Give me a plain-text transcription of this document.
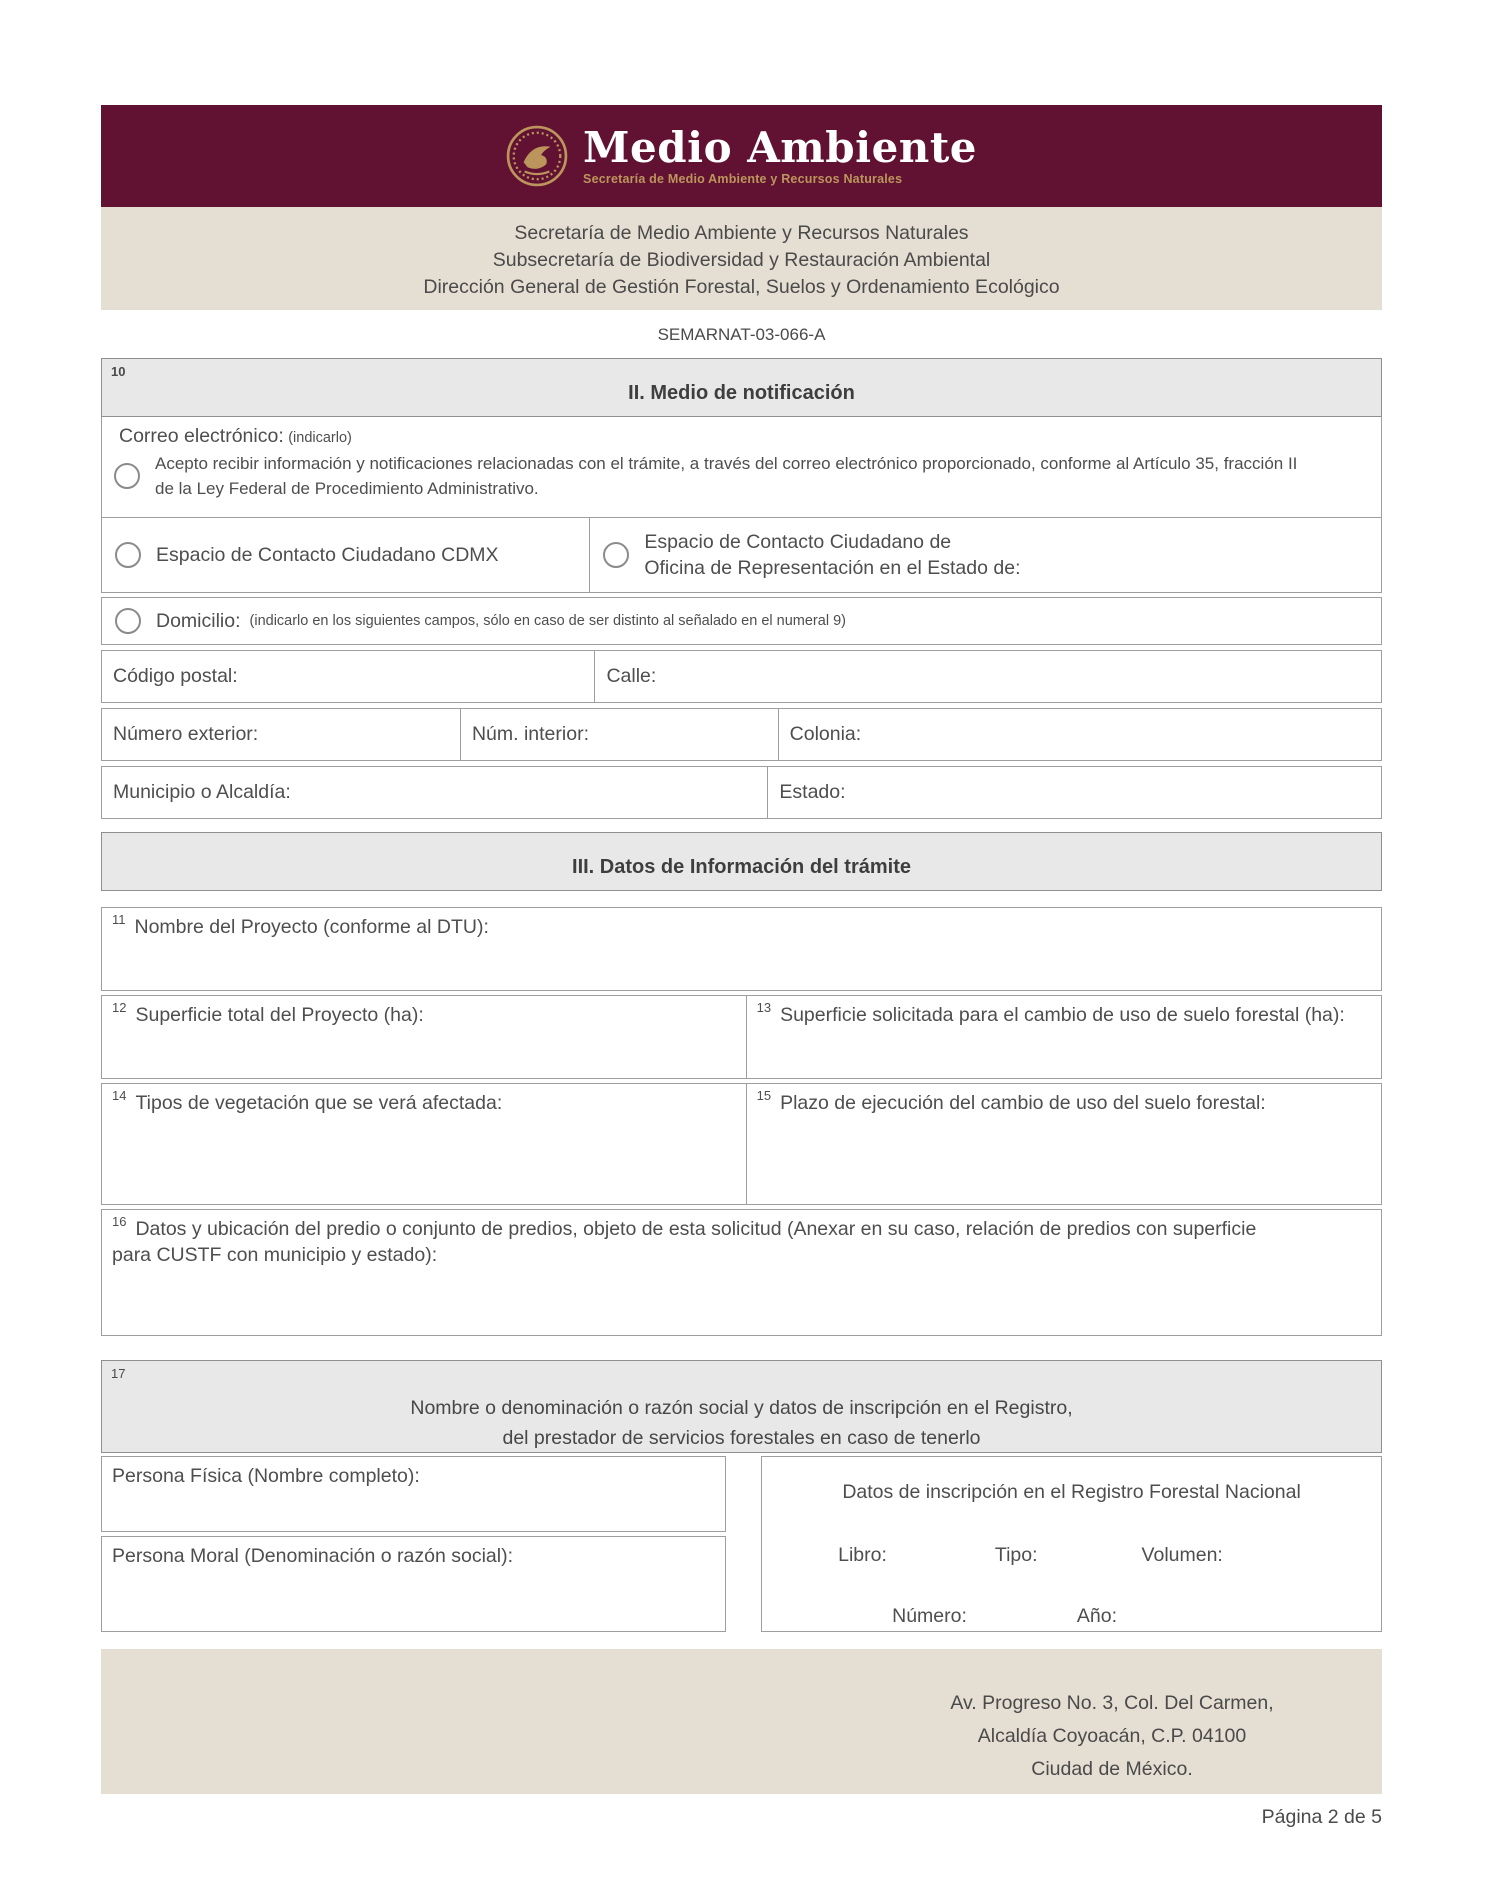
Medio Ambiente
Secretaría de Medio Ambiente y Recursos Naturales
Secretaría de Medio Ambiente y Recursos Naturales
Subsecretaría de Biodiversidad y Restauración Ambiental
Dirección General de Gestión Forestal, Suelos y Ordenamiento Ecológico
SEMARNAT-03-066-A
10
II. Medio de notificación
Correo electrónico: (indicarlo)
Acepto recibir información y notificaciones relacionadas con el trámite, a través del correo electrónico proporcionado, conforme al Artículo 35, fracción II
de la Ley Federal de Procedimiento Administrativo.
Espacio de Contacto Ciudadano CDMX
Espacio de Contacto Ciudadano de
Oficina de Representación en el Estado de:
Domicilio: (indicarlo en los siguientes campos, sólo en caso de ser distinto al señalado en el numeral 9)
Código postal:	Calle:
Número exterior:	Núm. interior:	Colonia:
Municipio o Alcaldía:	Estado:
III. Datos de Información del trámite
11 Nombre del Proyecto (conforme al DTU):
12 Superficie total del Proyecto (ha):	13 Superficie solicitada para el cambio de uso de suelo forestal (ha):
14 Tipos de vegetación que se verá afectada:	15 Plazo de ejecución del cambio de uso del suelo forestal:
16 Datos y ubicación del predio o conjunto de predios, objeto de esta solicitud (Anexar en su caso, relación de predios con superficie
para CUSTF con municipio y estado):
17
Nombre o denominación o razón social y datos de inscripción en el Registro,
del prestador de servicios forestales en caso de tenerlo
Persona Física (Nombre completo):
Persona Moral (Denominación o razón social):
Datos de inscripción en el Registro Forestal Nacional
Libro:	Tipo:	Volumen:
Número:	Año:
Av. Progreso No. 3, Col. Del Carmen,
Alcaldía Coyoacán, C.P. 04100
Ciudad de México.
Página 2 de 5
